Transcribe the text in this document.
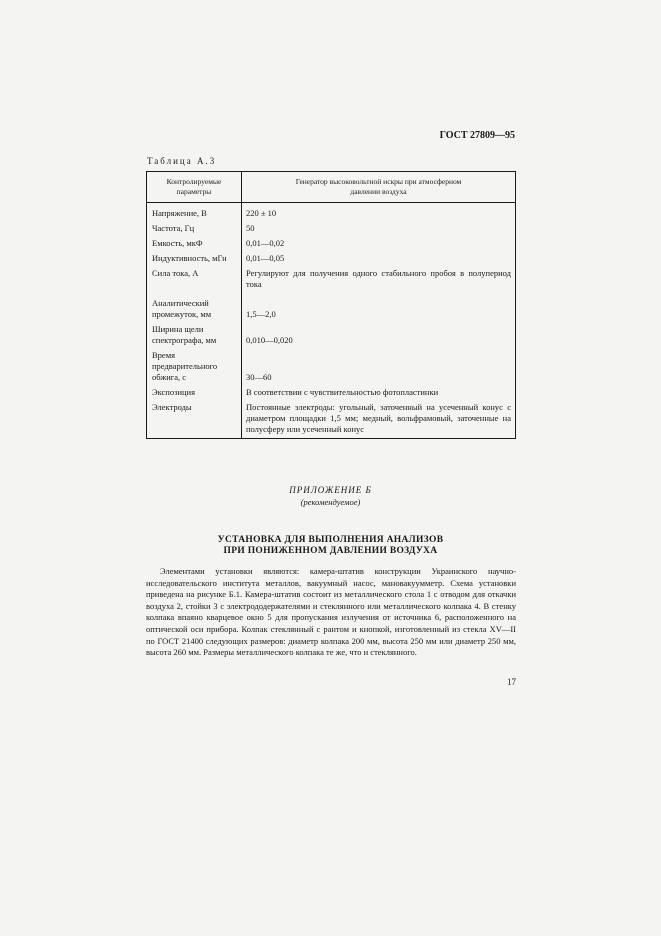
ГОСТ 27809—95
Таблица А.3
Контролируемые параметры	Генератор высоковольтной искры при атмосферном давлении воздуха

Напряжение, В	220 ± 10
Частота, Гц	50
Емкость, мкФ	0,01—0,02
Индуктивность, мГн	0,01—0,05
Сила тока, А	Регулируют для получения одного стабильного пробоя в полупериод тока
Аналитический промежуток, мм	1,5—2,0
Ширина щели спектрографа, мм	0,010—0,020
Время предварительного обжига, с	30—60
Экспозиция	В соответствии с чувствительностью фотопластинки
Электроды	Постоянные электроды: угольный, заточенный на усеченный конус с диаметром площадки 1,5 мм; медный, вольфрамовый, заточенные на полусферу или усеченный конус
ПРИЛОЖЕНИЕ Б
(рекомендуемое)
УСТАНОВКА ДЛЯ ВЫПОЛНЕНИЯ АНАЛИЗОВ
ПРИ ПОНИЖЕННОМ ДАВЛЕНИИ ВОЗДУХА

Элементами установки являются: камера-штатив конструкции Украинского научно-исследовательского института металлов, вакуумный насос, мановакуумметр. Схема установки приведена на рисунке Б.1. Камера-штатив состоит из металлического стола 1 с отводом для откачки воздуха 2, стойки 3 с электрододержателями и стеклянного или металлического колпака 4. В стенку колпака впаяно кварцевое окно 5 для пропускания излучения от источника 6, расположенного на оптической оси прибора. Колпак стеклянный с рантом и кнопкой, изготовленный из стекла ХV—II по ГОСТ 21400 следующих размеров: диаметр колпака 200 мм, высота 250 мм или диаметр 250 мм, высота 260 мм. Размеры металлического колпака те же, что и стеклянного.

17
